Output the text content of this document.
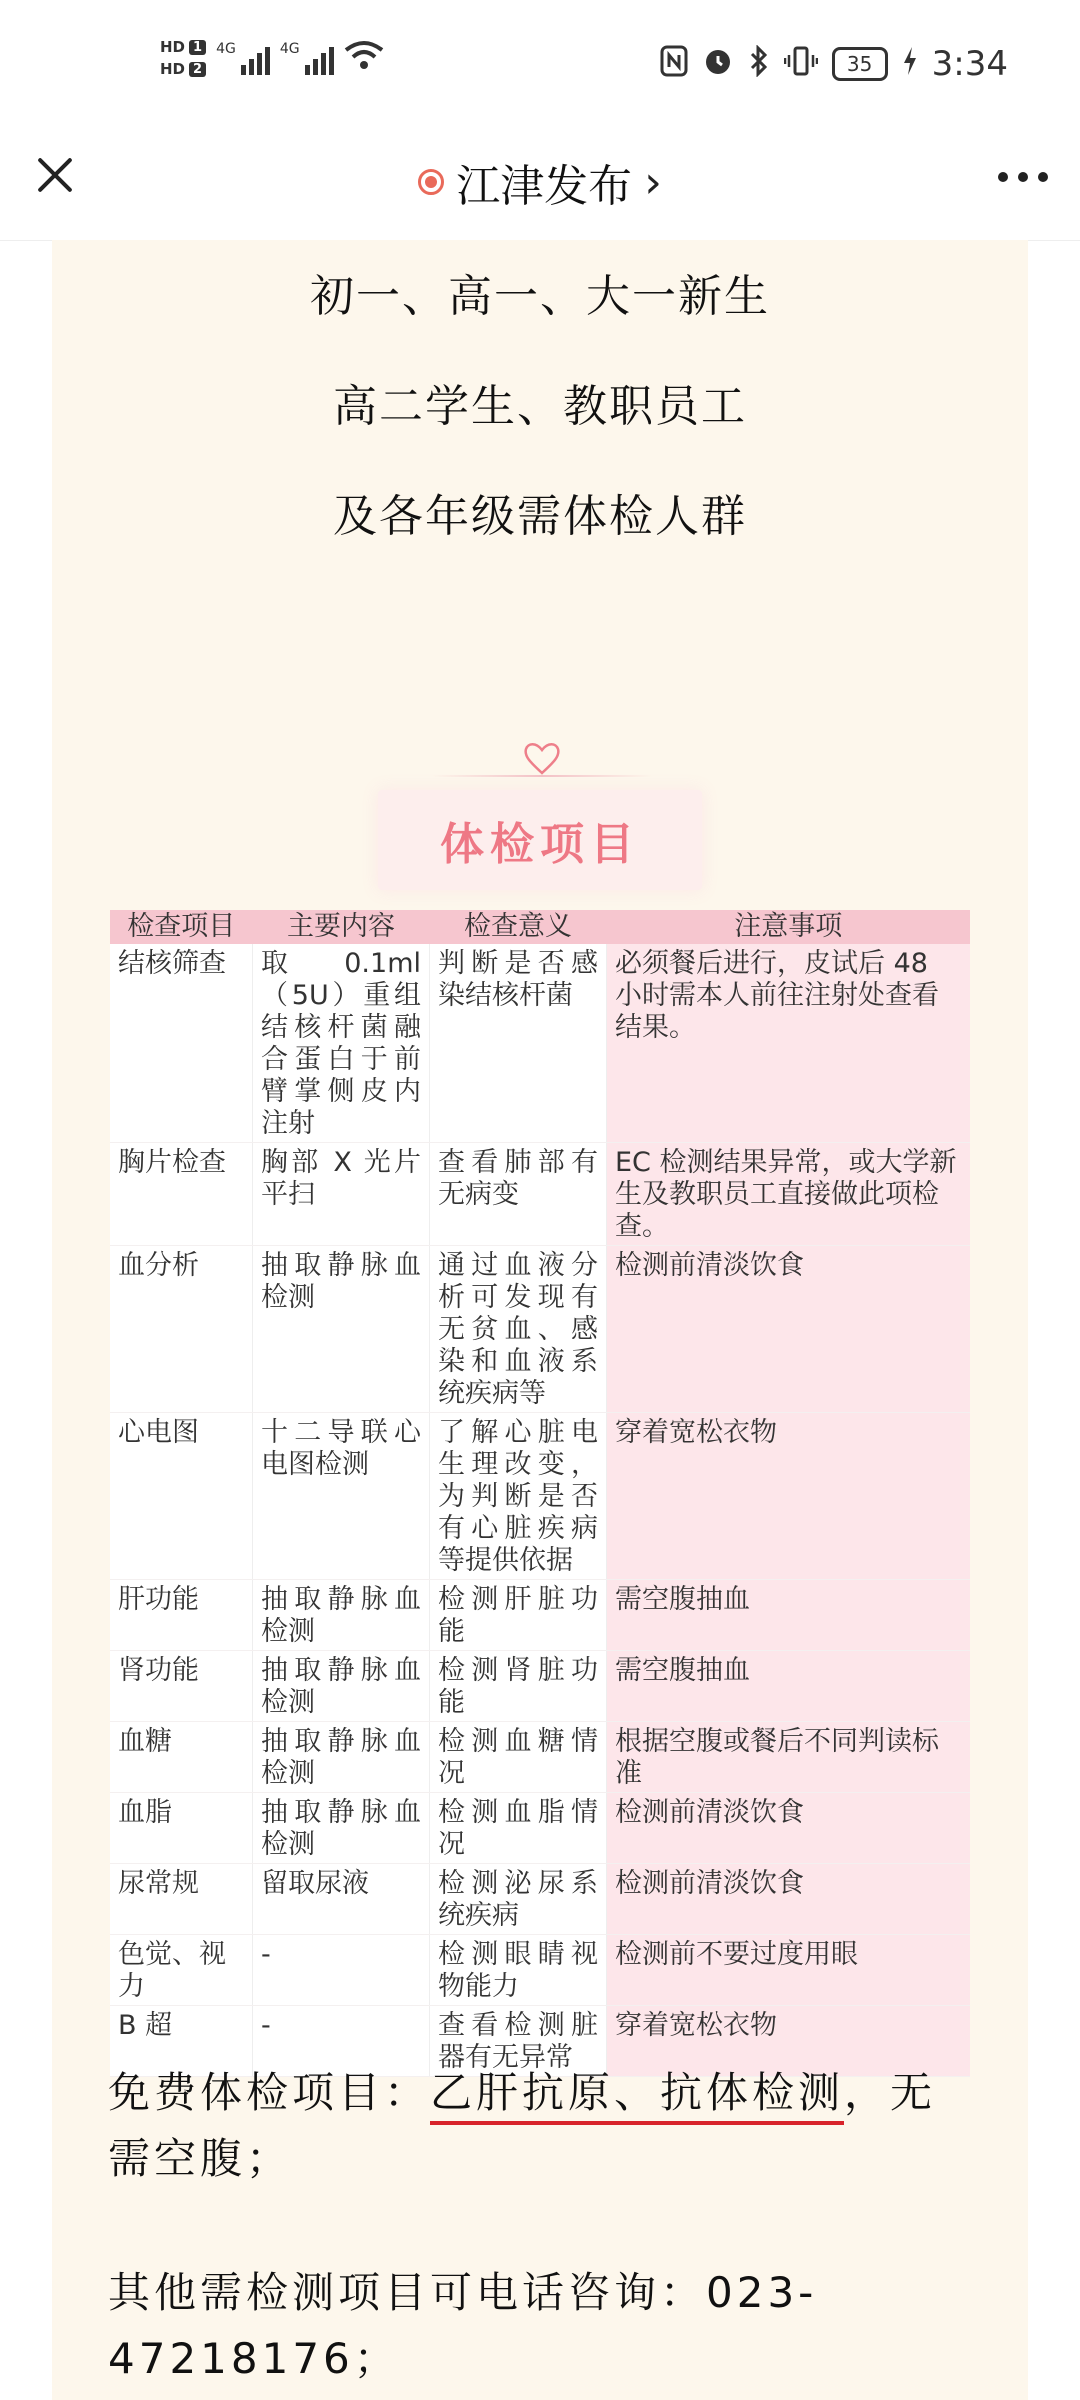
HD 1
HD 2
4G	4G
35 3:34
江津发布 ›
初一、高一、大一新生
高二学生、教职员工
及各年级需体检人群
体检项目
检查项目	主要内容	检查意义	注意事项
结核筛查	取 0.1ml（5U）重组结核杆菌融合蛋白于前臂掌侧皮内注射	判断是否感染结核杆菌	必须餐后进行，皮试后 48 小时需本人前往注射处查看结果。
胸片检查	胸部 X 光片平扫	查看肺部有无病变	EC 检测结果异常，或大学新生及教职员工直接做此项检查。
血分析	抽取静脉血检测	通过血液分析可发现有无贫血、感染和血液系统疾病等	检测前清淡饮食
心电图	十二导联心电图检测	了解心脏电生理改变，为判断是否有心脏疾病等提供依据	穿着宽松衣物
肝功能	抽取静脉血检测	检测肝脏功能	需空腹抽血
肾功能	抽取静脉血检测	检测肾脏功能	需空腹抽血
血糖	抽取静脉血检测	检测血糖情况	根据空腹或餐后不同判读标准
血脂	抽取静脉血检测	检测血脂情况	检测前清淡饮食
尿常规	留取尿液	检测泌尿系统疾病	检测前清淡饮食
色觉、视力	-	检测眼睛视物能力	检测前不要过度用眼
B 超	-	查看检测脏器有无异常	穿着宽松衣物
免费体检项目：乙肝抗原、抗体检测，无需空腹；
其他需检测项目可电话咨询：023-47218176；
